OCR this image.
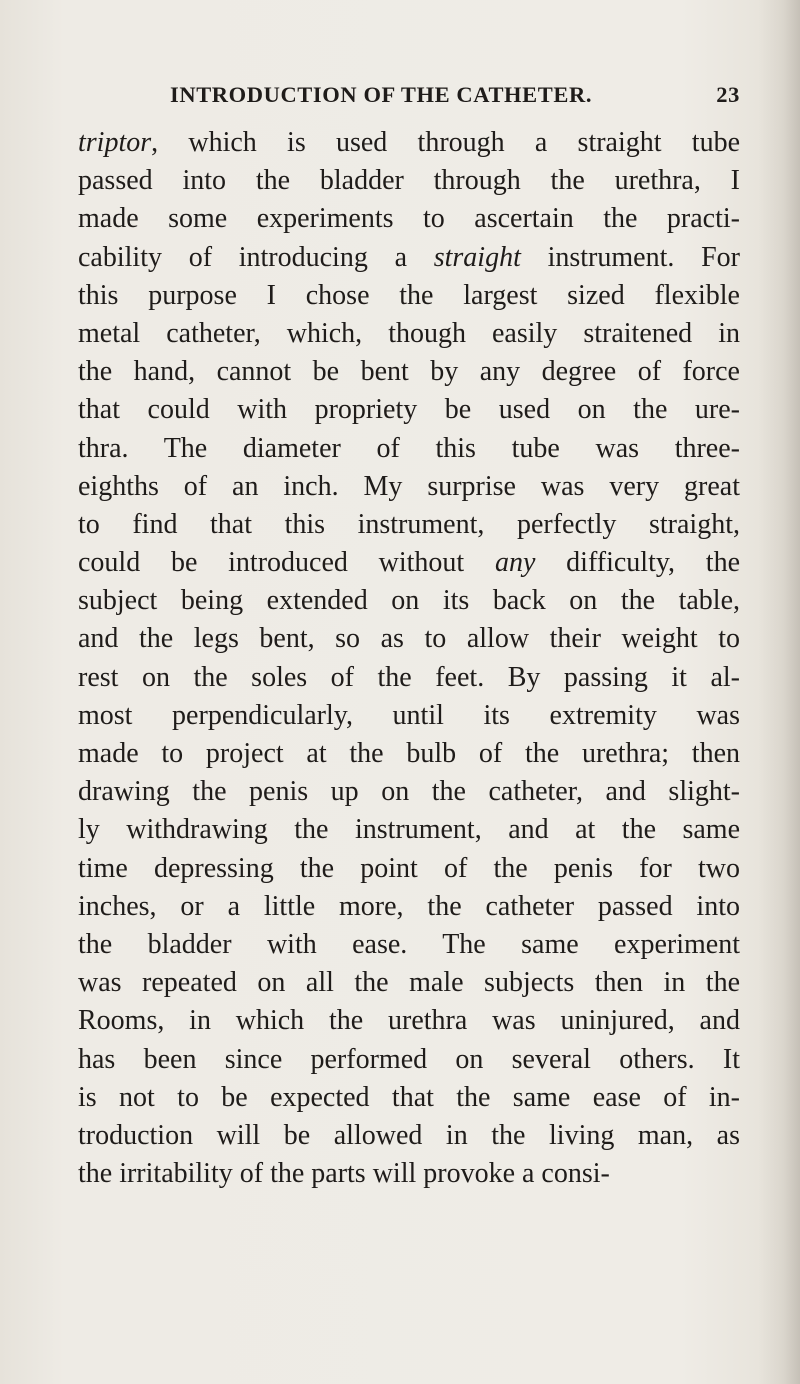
INTRODUCTION OF THE CATHETER.	23
triptor, which is used through a straight tube
passed into the bladder through the urethra, I
made some experiments to ascertain the practi-
cability of introducing a straight instrument. For
this purpose I chose the largest sized flexible
metal catheter, which, though easily straitened in
the hand, cannot be bent by any degree of force
that could with propriety be used on the ure-
thra. The diameter of this tube was three-
eighths of an inch. My surprise was very great
to find that this instrument, perfectly straight,
could be introduced without any difficulty, the
subject being extended on its back on the table,
and the legs bent, so as to allow their weight to
rest on the soles of the feet. By passing it al-
most perpendicularly, until its extremity was
made to project at the bulb of the urethra; then
drawing the penis up on the catheter, and slight-
ly withdrawing the instrument, and at the same
time depressing the point of the penis for two
inches, or a little more, the catheter passed into
the bladder with ease. The same experiment
was repeated on all the male subjects then in the
Rooms, in which the urethra was uninjured, and
has been since performed on several others. It
is not to be expected that the same ease of in-
troduction will be allowed in the living man, as
the irritability of the parts will provoke a consi-
